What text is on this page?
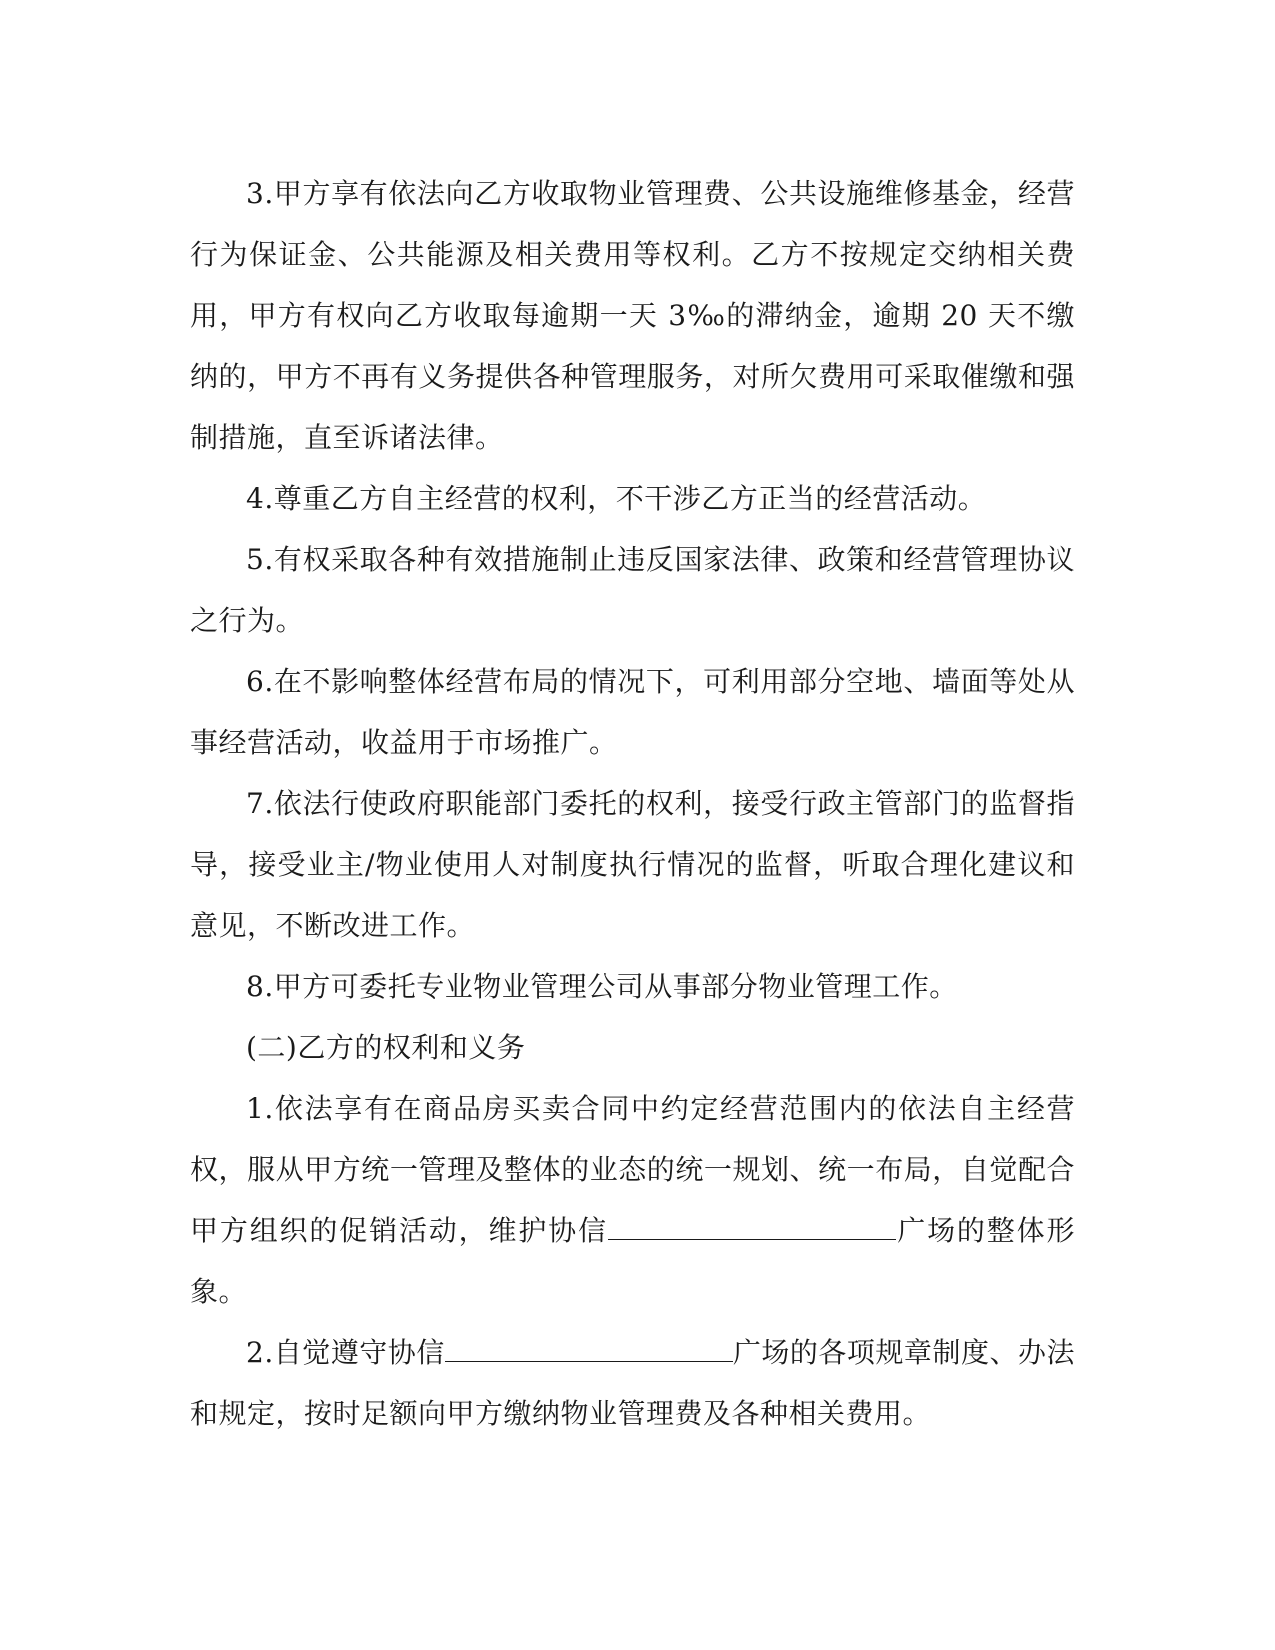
3.甲方享有依法向乙方收取物业管理费、公共设施维修基金，经营行为保证金、公共能源及相关费用等权利。乙方不按规定交纳相关费用，甲方有权向乙方收取每逾期一天 3‰的滞纳金，逾期 20 天不缴纳的，甲方不再有义务提供各种管理服务，对所欠费用可采取催缴和强制措施，直至诉诸法律。

4.尊重乙方自主经营的权利，不干涉乙方正当的经营活动。

5.有权采取各种有效措施制止违反国家法律、政策和经营管理协议之行为。

6.在不影响整体经营布局的情况下，可利用部分空地、墙面等处从事经营活动，收益用于市场推广。

7.依法行使政府职能部门委托的权利，接受行政主管部门的监督指导，接受业主/物业使用人对制度执行情况的监督，听取合理化建议和意见，不断改进工作。

8.甲方可委托专业物业管理公司从事部分物业管理工作。

(二)乙方的权利和义务

1.依法享有在商品房买卖合同中约定经营范围内的依法自主经营权，服从甲方统一管理及整体的业态的统一规划、统一布局，自觉配合甲方组织的促销活动，维护协信	广场的整体形象。

2.自觉遵守协信	广场的各项规章制度、办法和规定，按时足额向甲方缴纳物业管理费及各种相关费用。
